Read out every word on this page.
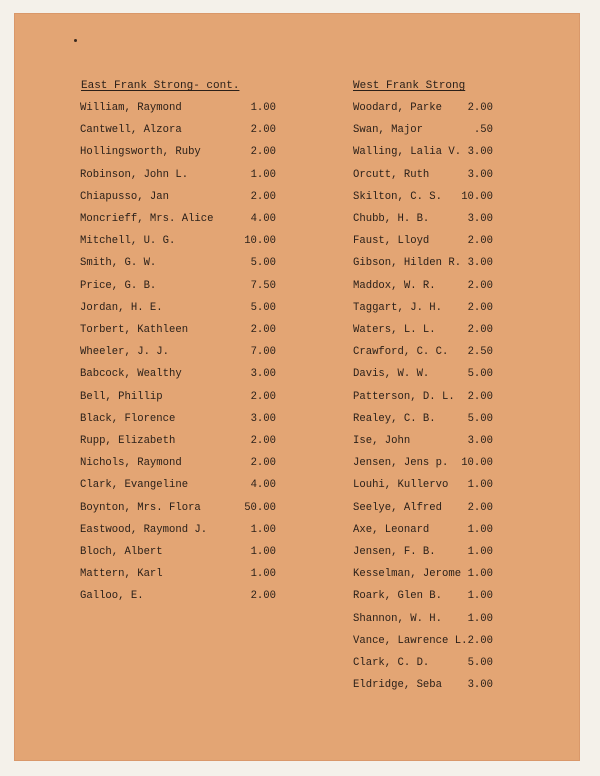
East Frank Strong- cont.	West Frank Strong
William, Raymond	1.00
Cantwell, Alzora	2.00
Hollingsworth, Ruby	2.00
Robinson, John L.	1.00
Chiapusso, Jan	2.00
Moncrieff, Mrs. Alice	4.00
Mitchell, U. G.	10.00
Smith, G. W.	5.00
Price, G. B.	7.50
Jordan, H. E.	5.00
Torbert, Kathleen	2.00
Wheeler, J. J.	7.00
Babcock, Wealthy	3.00
Bell, Phillip	2.00
Black, Florence	3.00
Rupp, Elizabeth	2.00
Nichols, Raymond	2.00
Clark, Evangeline	4.00
Boynton, Mrs. Flora	50.00
Eastwood, Raymond J.	1.00
Bloch, Albert	1.00
Mattern, Karl	1.00
Galloo, E.	2.00
Woodard, Parke	2.00
Swan, Major	.50
Walling, Lalia V. 3.00
Orcutt, Ruth	3.00
Skilton, C. S.	10.00
Chubb, H. B.	3.00
Faust, Lloyd	2.00
Gibson, Hilden R. 3.00
Maddox, W. R.	2.00
Taggart, J. H.	2.00
Waters, L. L.	2.00
Crawford, C. C.	2.50
Davis, W. W.	5.00
Patterson, D. L.	2.00
Realey, C. B.	5.00
Ise, John	3.00
Jensen, Jens p.	10.00
Louhi, Kullervo	1.00
Seelye, Alfred	2.00
Axe, Leonard	1.00
Jensen, F. B.	1.00
Kesselman, Jerome 1.00
Roark, Glen B.	1.00
Shannon, W. H.	1.00
Vance, Lawrence L. 2.00
Clark, C. D.	5.00
Eldridge, Seba	3.00
